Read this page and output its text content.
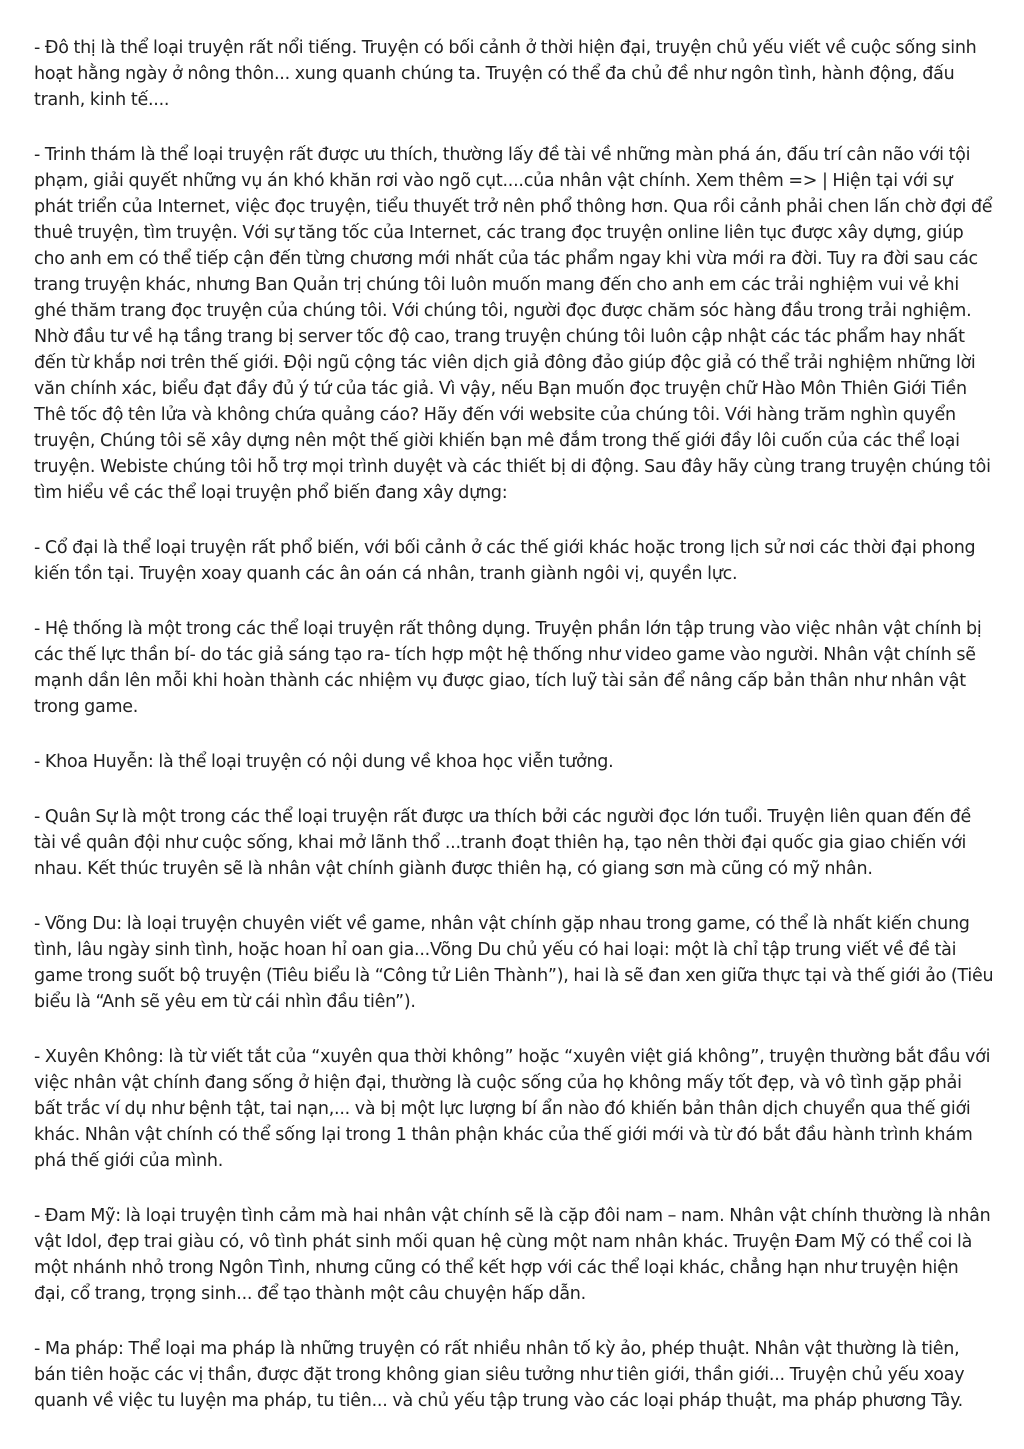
- Đô thị là thể loại truyện rất nổi tiếng. Truyện có bối cảnh ở thời hiện đại, truyện chủ yếu viết về cuộc sống sinh hoạt hằng ngày ở nông thôn... xung quanh chúng ta. Truyện có thể đa chủ đề như ngôn tình, hành động, đấu tranh, kinh tế....

- Trinh thám là thể loại truyện rất được ưu thích, thường lấy đề tài về những màn phá án, đấu trí cân não với tội phạm, giải quyết những vụ án khó khăn rơi vào ngõ cụt....của nhân vật chính. Xem thêm => | Hiện tại với sự phát triển của Internet, việc đọc truyện, tiểu thuyết trở nên phổ thông hơn. Qua rồi cảnh phải chen lấn chờ đợi để thuê truyện, tìm truyện. Với sự tăng tốc của Internet, các trang đọc truyện online liên tục được xây dựng, giúp cho anh em có thể tiếp cận đến từng chương mới nhất của tác phẩm ngay khi vừa mới ra đời. Tuy ra đời sau các trang truyện khác, nhưng Ban Quản trị chúng tôi luôn muốn mang đến cho anh em các trải nghiệm vui vẻ khi ghé thăm trang đọc truyện của chúng tôi. Với chúng tôi, người đọc được chăm sóc hàng đầu trong trải nghiệm. Nhờ đầu tư về hạ tầng trang bị server tốc độ cao, trang truyện chúng tôi luôn cập nhật các tác phẩm hay nhất đến từ khắp nơi trên thế giới. Đội ngũ cộng tác viên dịch giả đông đảo giúp độc giả có thể trải nghiệm những lời văn chính xác, biểu đạt đầy đủ ý tứ của tác giả. Vì vậy, nếu Bạn muốn đọc truyện chữ Hào Môn Thiên Giới Tiền Thê tốc độ tên lửa và không chứa quảng cáo? Hãy đến với website của chúng tôi. Với hàng trăm nghìn quyển truyện, Chúng tôi sẽ xây dựng nên một thế giời khiến bạn mê đắm trong thế giới đầy lôi cuốn của các thể loại truyện. Webiste chúng tôi hỗ trợ mọi trình duyệt và các thiết bị di động. Sau đây hãy cùng trang truyện chúng tôi tìm hiểu về các thể loại truyện phổ biến đang xây dựng:

- Cổ đại là thể loại truyện rất phổ biến, với bối cảnh ở các thế giới khác hoặc trong lịch sử nơi các thời đại phong kiến tồn tại. Truyện xoay quanh các ân oán cá nhân, tranh giành ngôi vị, quyền lực.

- Hệ thống là một trong các thể loại truyện rất thông dụng. Truyện phần lớn tập trung vào việc nhân vật chính bị các thế lực thần bí- do tác giả sáng tạo ra- tích hợp một hệ thống như video game vào người. Nhân vật chính sẽ mạnh dần lên mỗi khi hoàn thành các nhiệm vụ được giao, tích luỹ tài sản để nâng cấp bản thân như nhân vật trong game.

- Khoa Huyễn: là thể loại truyện có nội dung về khoa học viễn tưởng.

- Quân Sự là một trong các thể loại truyện rất được ưa thích bởi các người đọc lớn tuổi. Truyện liên quan đến đề tài về quân đội như cuộc sống, khai mở lãnh thổ ...tranh đoạt thiên hạ, tạo nên thời đại quốc gia giao chiến với nhau. Kết thúc truyên sẽ là nhân vật chính giành được thiên hạ, có giang sơn mà cũng có mỹ nhân.

- Võng Du: là loại truyện chuyên viết về game, nhân vật chính gặp nhau trong game, có thể là nhất kiến chung tình, lâu ngày sinh tình, hoặc hoan hỉ oan gia...Võng Du chủ yếu có hai loại: một là chỉ tập trung viết về đề tài game trong suốt bộ truyện (Tiêu biểu là “Công tử Liên Thành”), hai là sẽ đan xen giữa thực tại và thế giới ảo (Tiêu biểu là “Anh sẽ yêu em từ cái nhìn đầu tiên”).

- Xuyên Không: là từ viết tắt của “xuyên qua thời không” hoặc “xuyên việt giá không”, truyện thường bắt đầu với việc nhân vật chính đang sống ở hiện đại, thường là cuộc sống của họ không mấy tốt đẹp, và vô tình gặp phải bất trắc ví dụ như bệnh tật, tai nạn,... và bị một lực lượng bí ẩn nào đó khiến bản thân dịch chuyển qua thế giới khác. Nhân vật chính có thể sống lại trong 1 thân phận khác của thế giới mới và từ đó bắt đầu hành trình khám phá thế giới của mình.

- Đam Mỹ: là loại truyện tình cảm mà hai nhân vật chính sẽ là cặp đôi nam – nam. Nhân vật chính thường là nhân vật Idol, đẹp trai giàu có, vô tình phát sinh mối quan hệ cùng một nam nhân khác. Truyện Đam Mỹ có thể coi là một nhánh nhỏ trong Ngôn Tình, nhưng cũng có thể kết hợp với các thể loại khác, chẳng hạn như truyện hiện đại, cổ trang, trọng sinh... để tạo thành một câu chuyện hấp dẫn.

- Ma pháp: Thể loại ma pháp là những truyện có rất nhiều nhân tố kỳ ảo, phép thuật. Nhân vật thường là tiên, bán tiên hoặc các vị thần, được đặt trong không gian siêu tưởng như tiên giới, thần giới... Truyện chủ yếu xoay quanh về việc tu luyện ma pháp, tu tiên... và chủ yếu tập trung vào các loại pháp thuật, ma pháp phương Tây.
